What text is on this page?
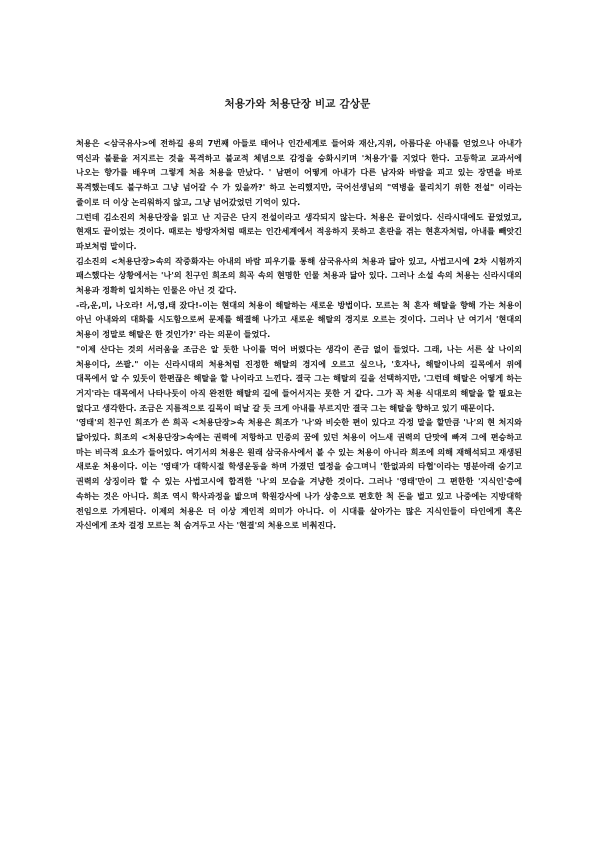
처용가와 처용단장 비교 감상문

처용은 <삼국유사>에 전하길 용의 7번째 아들로 태어나 인간세계로 들어와 재산,지위, 아름다운 아내를 얻었으나 아내가 역신과 불륜을 저지르는 것을 목격하고 불교적 체념으로 감정을 승화시키며 '처용가'를 지었다 한다. 고등학교 교과서에 나오는 향가를 배우며 그렇게 처음 처용을 만났다. ' 남편이 어떻게 아내가 다른 남자와 바람을 피고 있는 장면을 바로 목격했는데도 불구하고 그냥 넘어갈 수 가 있을까?' 하고 논리했지만, 국어선생님의 "역병을 물리치기 위한 전설" 이라는 줄이로 더 이상 논리워하지 않고, 그냥 넘어갔었던 기억이 있다.

그런데 김소진의 처용단장을 읽고 난 지금은 단지 전설이라고 생각되지 않는다. 처용은 끝이었다. 신라시대에도 끝었었고, 현재도 끝이었는 것이다. 때로는 방랑자처럼 때로는 인간세계에서 적응하지 못하고 혼란을 겪는 현혼자처럼, 아내를 빼앗긴 파보처럼 말이다.

김소진의 <처용단장>속의 작중화자는 아내의 바람 피우기를 통해 삼국유사의 처용과 닮아 있고, 사법고시에 2차 시험까지 패스했다는 상황에서는 '나'의 친구인 희조의 희곡 속의 현명한 인물 처용과 닮아 있다. 그러나 소설 속의 처용는 신라시대의 처용과 정확히 일치하는 인물은 아닌 것 같다.

-라,운,미, 나오라! 서,영,태 잤다!-이는 현대의 처용이 해탈하는 새로운 방법이다. 모르는 척 혼자 해탈을 향해 가는 처용이 아닌 아내와의 대화를 시도함으로써 문제를 해결해 나가고 새로운 해탈의 경지로 오르는 것이다. 그러나 난 여기서 '현대의 처용이 정말로 해탈은 한 것인가?' 라는 의문이 들었다.

"이제 산다는 것의 서러움을 조금은 알 듯한 나이를 먹어 버렸다는 생각이 존금 없이 들었다. 그래, 나는 서른 살 나이의 처용이다, 쓰팔." 이는 신라시대의 처용처럼 진정한 해탈의 경지에 오르고 싶으나, '호자나, 해탈이나의 길목에서 위에 대목에서 알 수 있듯이 한편끊은 해탈을 할 나이라고 느낀다. 결국 그는 해탈의 길을 선택하지만, '그런데 해탈은 어떻게 하는 거지'라는 대목에서 나타나듯이 아직 완전한 해탈의 길에 들어서지는 못한 거 같다. 그가 꼭 처용 식대로의 해탈을 할 필요는 없다고 생각한다. 조금은 지름적으로 길목이 떠날 갈 듯 크게 아내를 부르지만 결국 그는 해탈을 향하고 있기 때문이다.

'영태'의 친구인 희조가 쓴 희곡 <처용단장>속 처용은 희조가 '나'와 비슷한 편이 있다고 각정 말을 할만큼 '나'의 현 처지와 닮아있다. 희조의 <처용단장>속에는 권력에 저항하고 민중의 꿈에 있던 처용이 어느새 권력의 단맛에 빠져 그에 편승하고 마는 비극적 요소가 들어있다. 여기서의 처용은 원래 삼국유사에서 볼 수 있는 처용이 아니라 희조에 의해 재해석되고 재생된 새로운 처용이다. 이는 '영태'가 대학시절 학생운동을 하며 가졌던 열정을 숨그며니 '한없과의 타협'이라는 명분아래 숨기고 권력의 상징이라 할 수 있는 사법고시에 합격한 '나'의 모습을 겨냥한 것이다. 그러나 '영태'만이 그 편한한 '지식인'층에 속하는 것은 아니다. 희조 역시 학사과정을 밟으며 학원강사에 나가 상총으로 편호한 척 돈을 벌고 있고 나중에는 지방대학 전임으로 가게된다. 이제의 처용은 더 이상 계인적 의미가 아니다. 이 시대를 살아가는 많은 지식인들이 타인에게 혹은 자신에게 조차 걸정 모르는 척 숨겨두고 사는 '현결'의 처용으로 비춰진다.
